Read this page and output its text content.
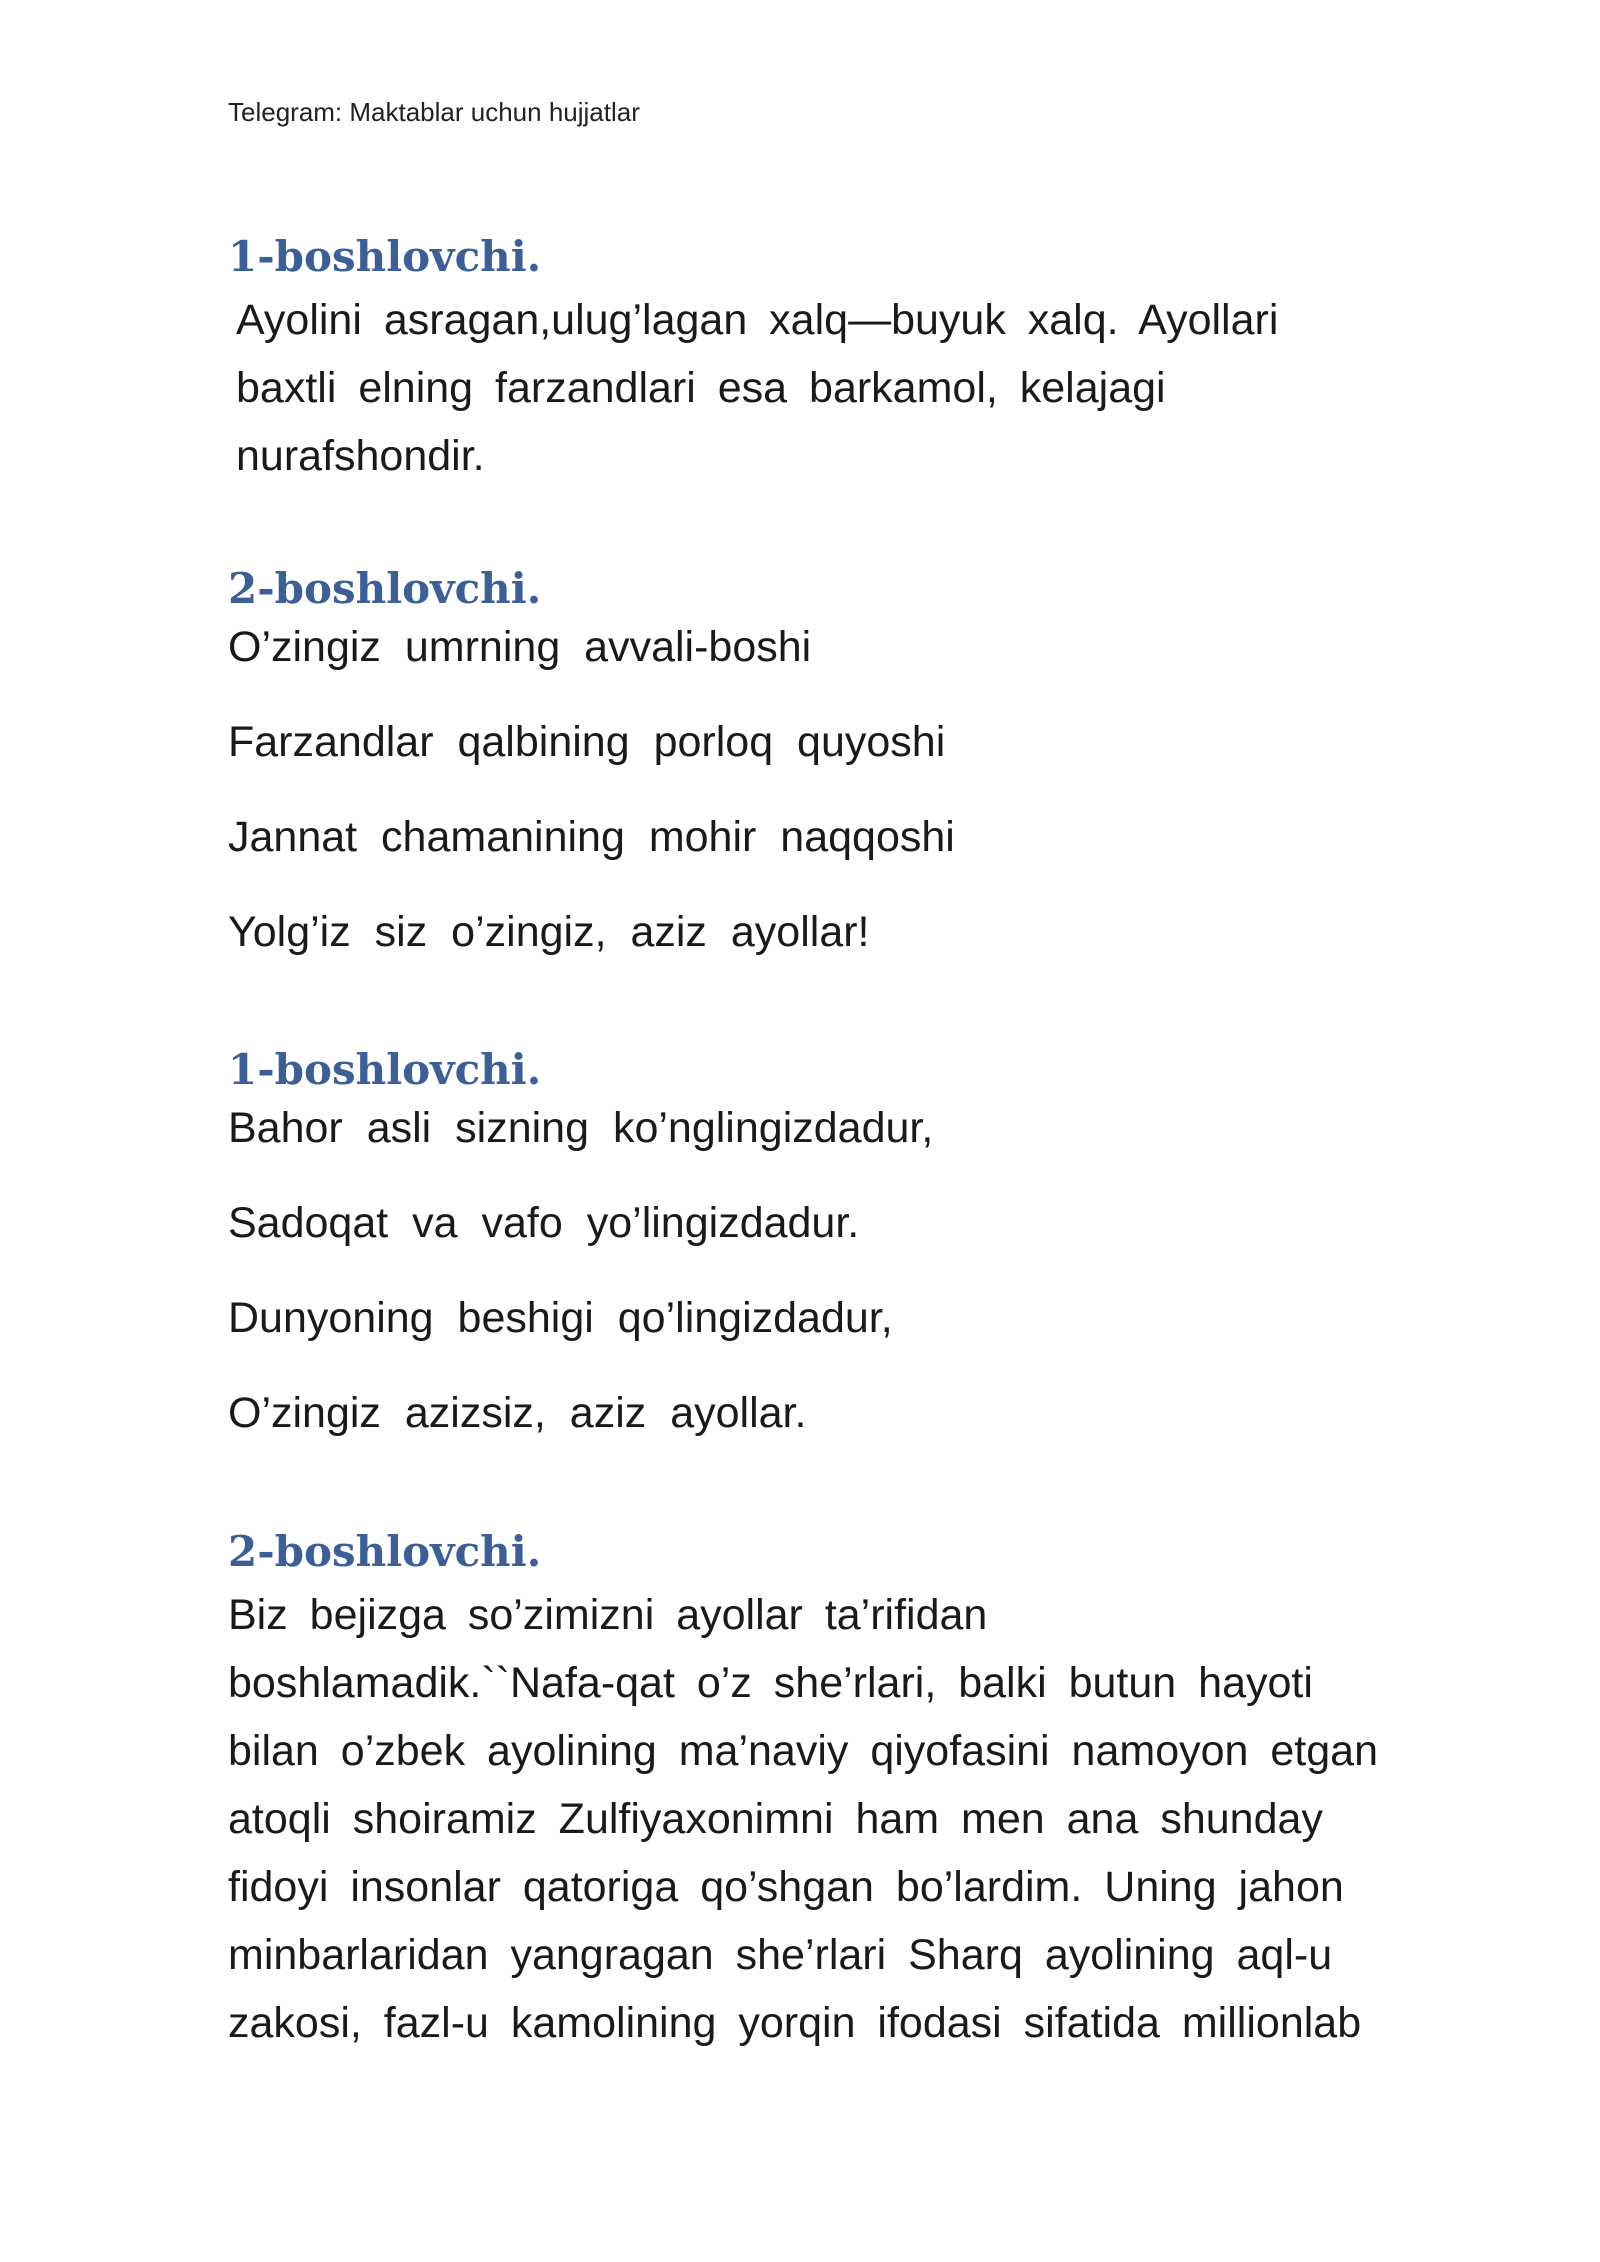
Telegram: Maktablar uchun hujjatlar
1-boshlovchi.
Ayolini asragan,ulug’lagan xalq—buyuk xalq. Ayollari baxtli elning farzandlari esa barkamol, kelajagi nurafshondir.
2-boshlovchi.
O’zingiz umrning avvali-boshi
Farzandlar qalbining porloq quyoshi
Jannat chamanining mohir naqqoshi
Yolg’iz siz o’zingiz, aziz ayollar!
1-boshlovchi.
Bahor asli sizning ko’nglingizdadur,
Sadoqat va vafo yo’lingizdadur.
Dunyoning beshigi qo’lingizdadur,
O’zingiz azizsiz, aziz ayollar.
2-boshlovchi.
Biz bejizga so’zimizni ayollar ta’rifidan
boshlamadik.``Nafa-qat o’z she’rlari, balki butun hayoti
bilan o’zbek ayolining ma’naviy qiyofasini namoyon etgan
atoqli shoiramiz Zulfiyaxonimni ham men ana shunday
fidoyi insonlar qatoriga qo’shgan bo’lardim. Uning jahon
minbarlaridan yangragan she’rlari Sharq ayolining aql-u
zakosi, fazl-u kamolining yorqin ifodasi sifatida millionlab
